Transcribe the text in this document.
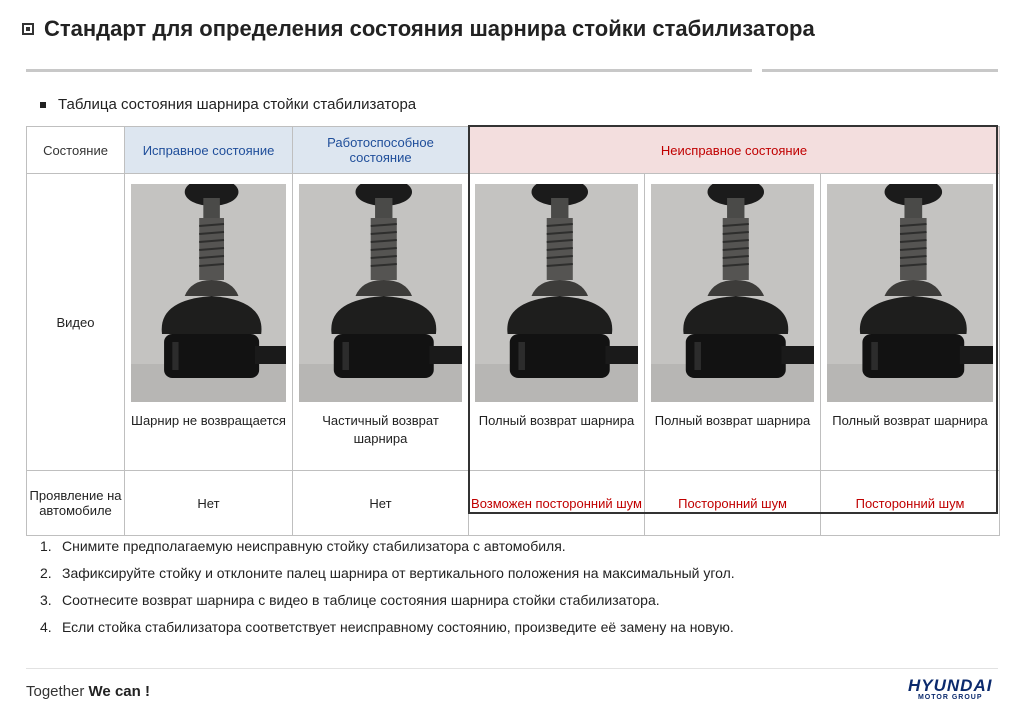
Стандарт для определения состояния шарнира стойки стабилизатора
Таблица состояния шарнира стойки стабилизатора
Состояние	Исправное состояние	Работоспособное состояние	Неисправное состояние		
Видео	Шарнир не возвращается	Частичный возврат шарнира	Полный возврат шарнира	Полный возврат шарнира	Полный возврат шарнира

Проявление на автомобиле	Нет	Нет	Возможен посторонний шум	Посторонний шум	Посторонний шум
1. Снимите предполагаемую неисправную стойку стабилизатора с автомобиля.
2. Зафиксируйте стойку и отклоните палец шарнира от вертикального положения на максимальный угол.
3. Соотнесите возврат шарнира с видео в таблице состояния шарнира стойки стабилизатора.
4. Если стойка стабилизатора соответствует неисправному состоянию, произведите её замену на новую.
Together We can !	HYUNDAI
MOTOR GROUP
